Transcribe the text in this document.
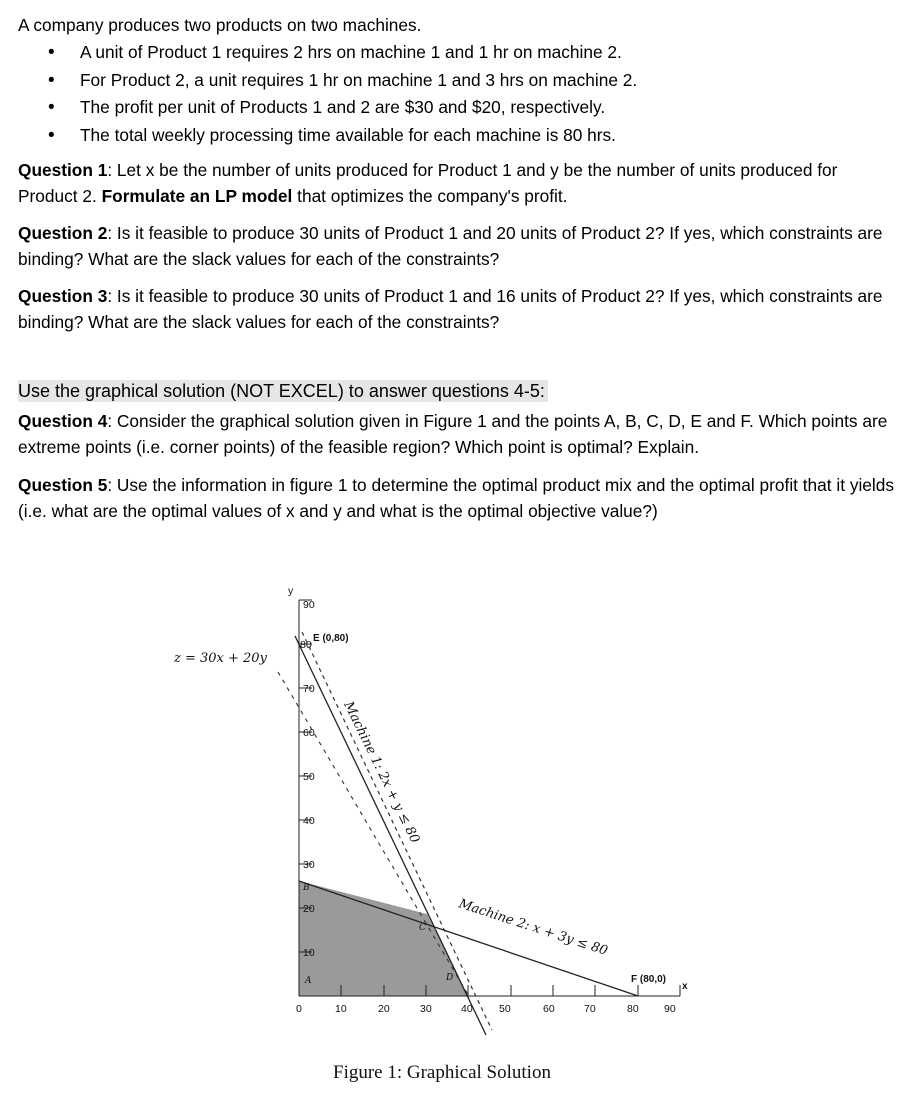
A company produces two products on two machines.

• A unit of Product 1 requires 2 hrs on machine 1 and 1 hr on machine 2.
• For Product 2, a unit requires 1 hr on machine 1 and 3 hrs on machine 2.
• The profit per unit of Products 1 and 2 are $30 and $20, respectively.
• The total weekly processing time available for each machine is 80 hrs.

Question 1: Let x be the number of units produced for Product 1 and y be the number of units produced for Product 2. Formulate an LP model that optimizes the company's profit.

Question 2: Is it feasible to produce 30 units of Product 1 and 20 units of Product 2? If yes, which constraints are binding? What are the slack values for each of the constraints?

Question 3: Is it feasible to produce 30 units of Product 1 and 16 units of Product 2? If yes, which constraints are binding? What are the slack values for each of the constraints?

Use the graphical solution (NOT EXCEL) to answer questions 4-5:

Question 4: Consider the graphical solution given in Figure 1 and the points A, B, C, D, E and F. Which points are extreme points (i.e. corner points) of the feasible region? Which point is optimal? Explain.

Question 5: Use the information in figure 1 to determine the optimal product mix and the optimal profit that it yields (i.e. what are the optimal values of x and y and what is the optimal objective value?)

10
20
30
40
50
60
70
80
90
y
0	10	20	30	40	50	60	70	80 90
x
B
C
D
A
E (0,80)
F (80,0)
z = 30x + 20y
Machine 1: 2x + y ≤ 80
Machine 2: x + 3y ≤ 80
Figure 1: Graphical Solution
